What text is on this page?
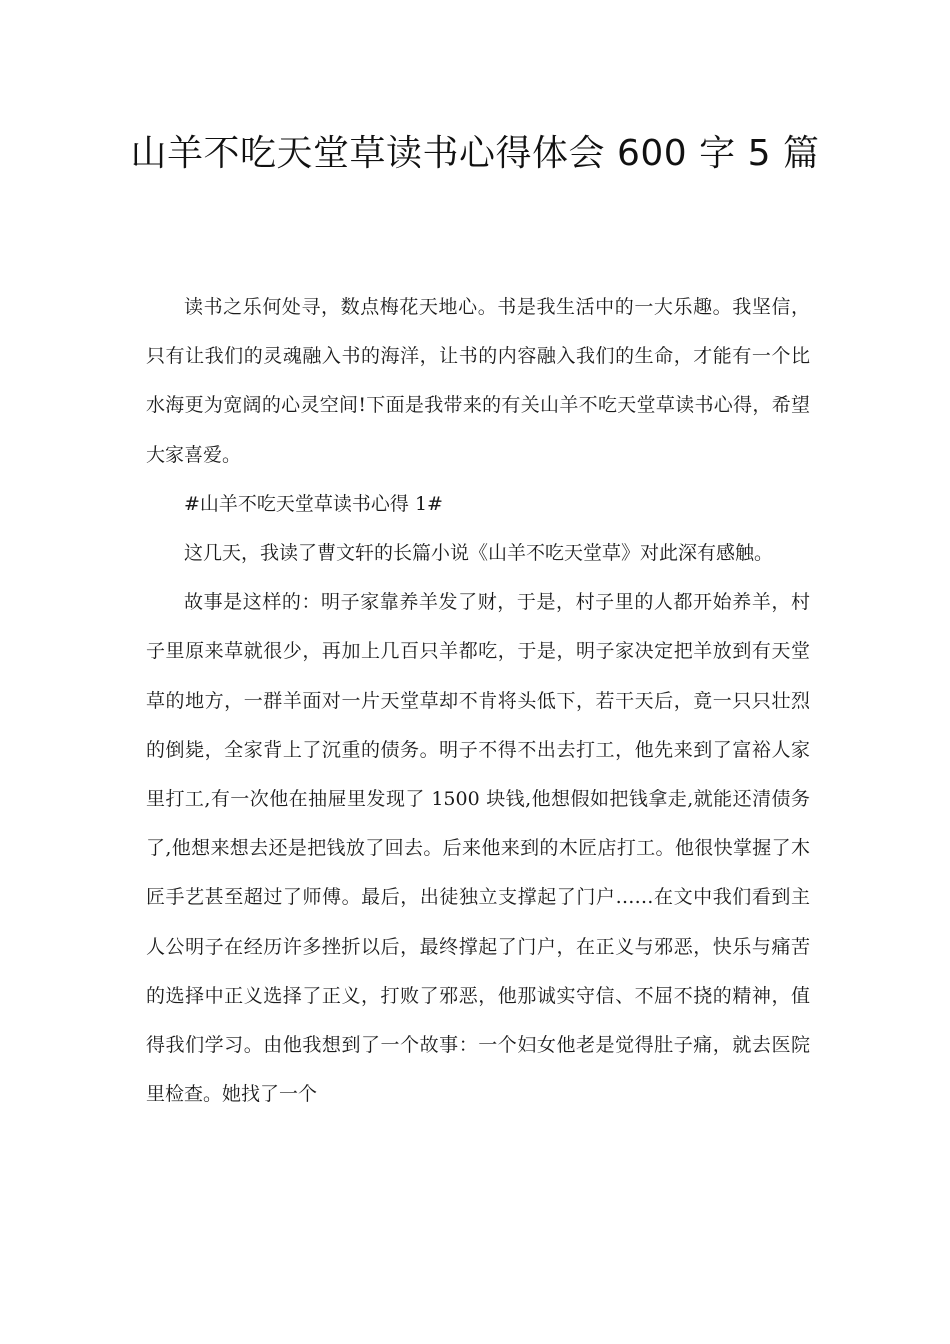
山羊不吃天堂草读书心得体会 600 字 5 篇

读书之乐何处寻，数点梅花天地心。书是我生活中的一大乐趣。我坚信，只有让我们的灵魂融入书的海洋，让书的内容融入我们的生命，才能有一个比水海更为宽阔的心灵空间!下面是我带来的有关山羊不吃天堂草读书心得，希望大家喜爱。

#山羊不吃天堂草读书心得 1#

这几天，我读了曹文轩的长篇小说《山羊不吃天堂草》对此深有感触。

故事是这样的：明子家靠养羊发了财，于是，村子里的人都开始养羊，村子里原来草就很少，再加上几百只羊都吃，于是，明子家决定把羊放到有天堂草的地方，一群羊面对一片天堂草却不肯将头低下，若干天后，竟一只只壮烈的倒毙，全家背上了沉重的债务。明子不得不出去打工，他先来到了富裕人家里打工,有一次他在抽屉里发现了 1500 块钱,他想假如把钱拿走,就能还清债务了,他想来想去还是把钱放了回去。后来他来到的木匠店打工。他很快掌握了木匠手艺甚至超过了师傅。最后，出徒独立支撑起了门户……在文中我们看到主人公明子在经历许多挫折以后，最终撑起了门户，在正义与邪恶，快乐与痛苦的选择中正义选择了正义，打败了邪恶，他那诚实守信、不屈不挠的精神，值得我们学习。由他我想到了一个故事：一个妇女他老是觉得肚子痛，就去医院里检查。她找了一个
